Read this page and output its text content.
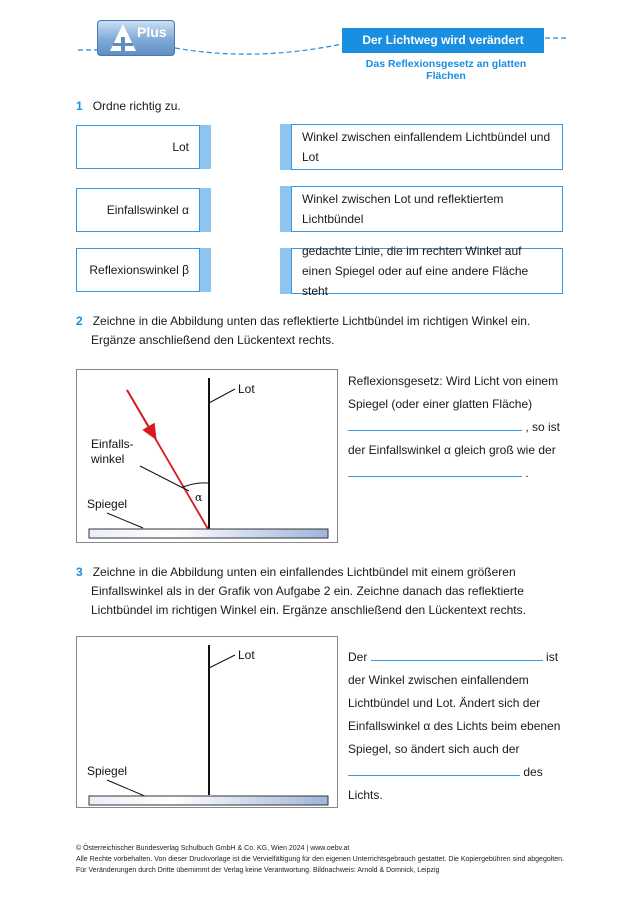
Plus	Der Lichtweg wird verändert
Das Reflexionsgesetz an glatten Flächen
1 Ordne richtig zu.
Lot
Einfallswinkel α
Reflexionswinkel β
Winkel zwischen einfallendem Lichtbündel und Lot
Winkel zwischen Lot und reflektiertem Lichtbündel
gedachte Linie, die im rechten Winkel auf einen Spiegel oder auf eine andere Fläche steht
2 Zeichne in die Abbildung unten das reflektierte Lichtbündel im richtigen Winkel ein.
Ergänze anschließend den Lückentext rechts.
Lot
α
Einfalls-
winkel
Spiegel
Reflexionsgesetz: Wird Licht von einem
Spiegel (oder einer glatten Fläche)
, so ist
der Einfallswinkel α gleich groß wie der
.
3 Zeichne in die Abbildung unten ein einfallendes Lichtbündel mit einem größeren
Einfallswinkel als in der Grafik von Aufgabe 2 ein. Zeichne danach das reflektierte
Lichtbündel im richtigen Winkel ein. Ergänze anschließend den Lückentext rechts.
Lot
Spiegel
Der	ist
der Winkel zwischen einfallendem
Lichtbündel und Lot. Ändert sich der
Einfallswinkel α des Lichts beim ebenen
Spiegel, so ändert sich auch der
des
Lichts.
© Österreichischer Bundesverlag Schulbuch GmbH & Co. KG, Wien 2024 | www.oebv.at
Alle Rechte vorbehalten. Von dieser Druckvorlage ist die Vervielfältigung für den eigenen Unterrichtsgebrauch gestattet. Die Kopiergebühren sind abgegolten.
Für Veränderungen durch Dritte übernimmt der Verlag keine Verantwortung. Bildnachweis: Arnold & Domnick, Leipzig
